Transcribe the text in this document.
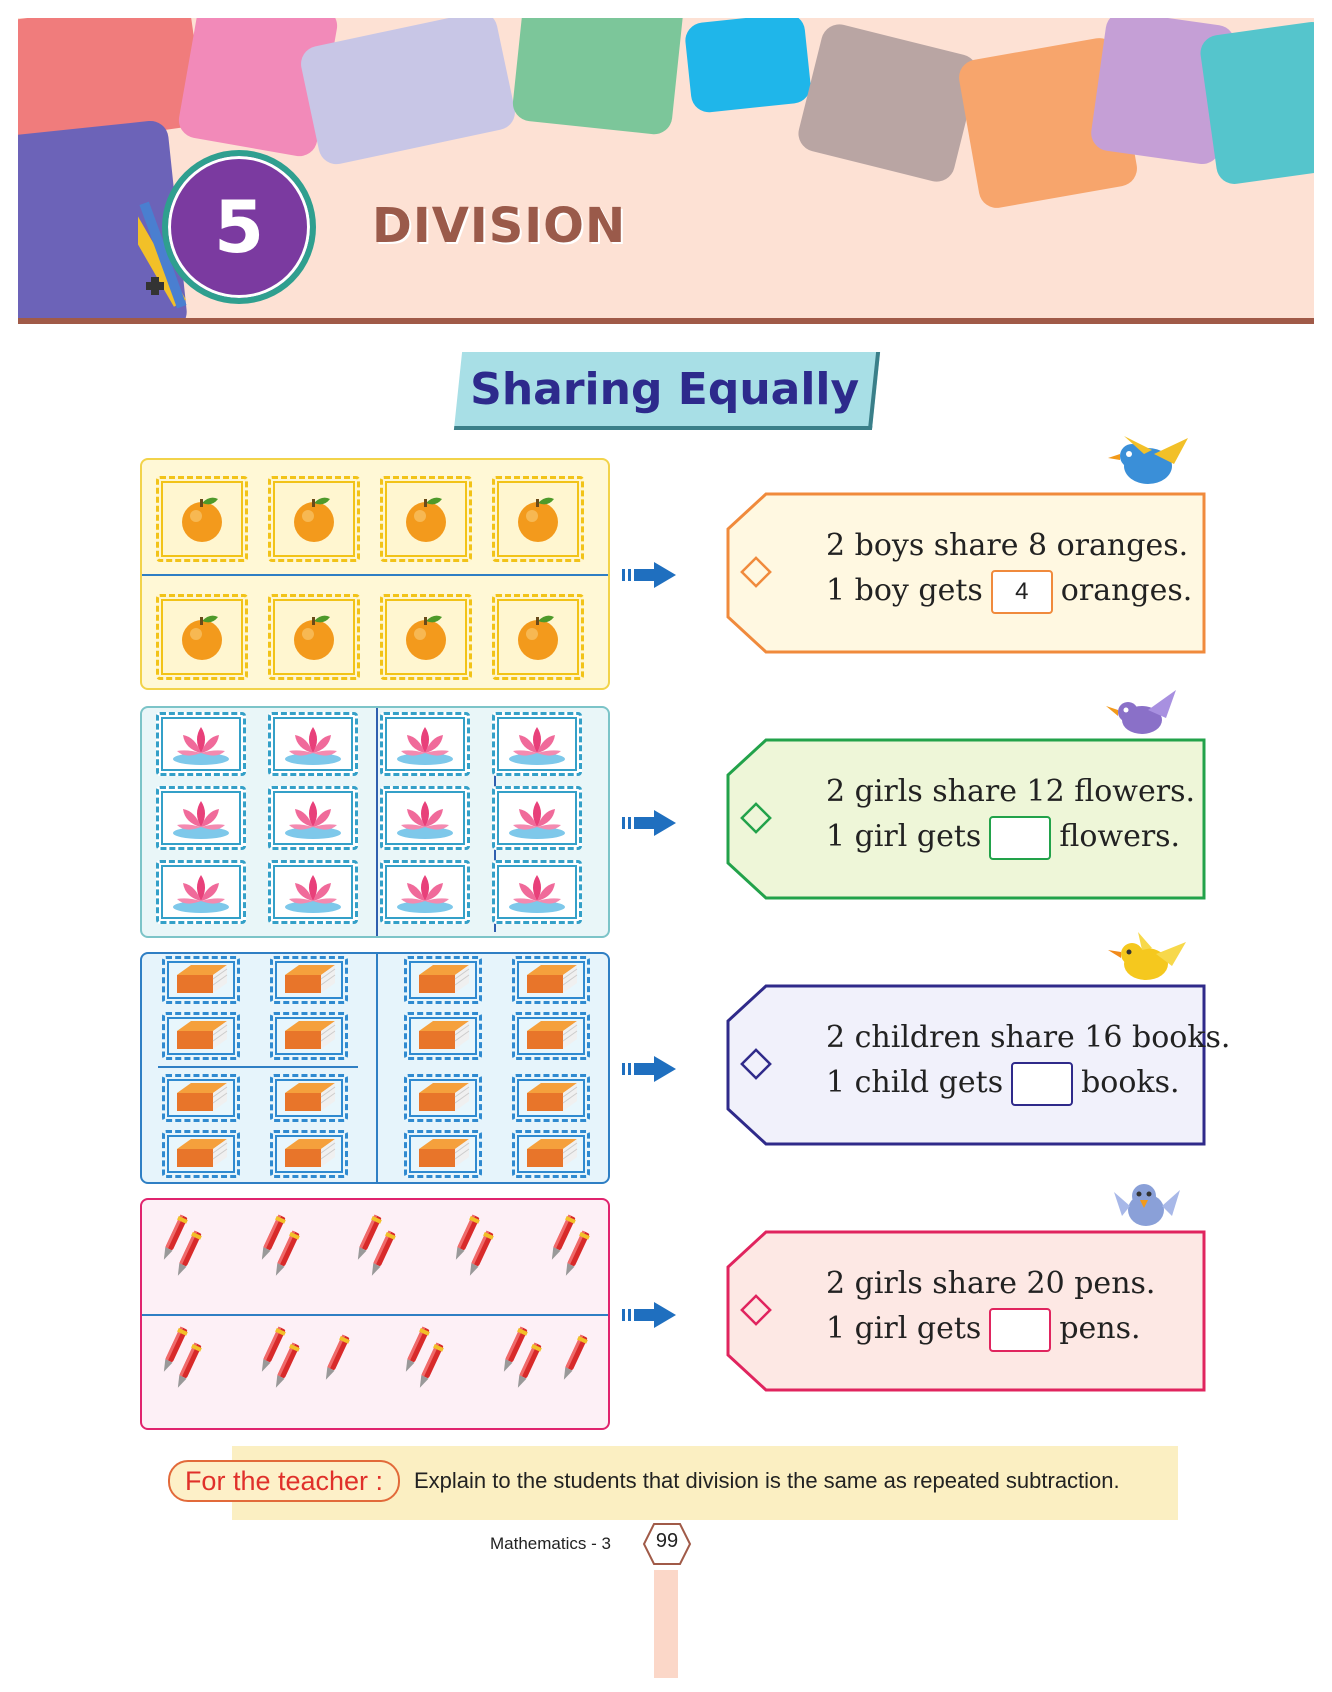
5 DIVISION
Sharing Equally
2 boys share 8 oranges.
1 boy gets 4 oranges.
2 girls share 12 flowers.
1 girl gets	flowers.
2 children share 16 books.
1 child gets	books.
2 girls share 20 pens.
1 girl gets	pens.
For the teacher :	Explain to the students that division is the same as repeated subtraction.
Mathematics - 3	99
